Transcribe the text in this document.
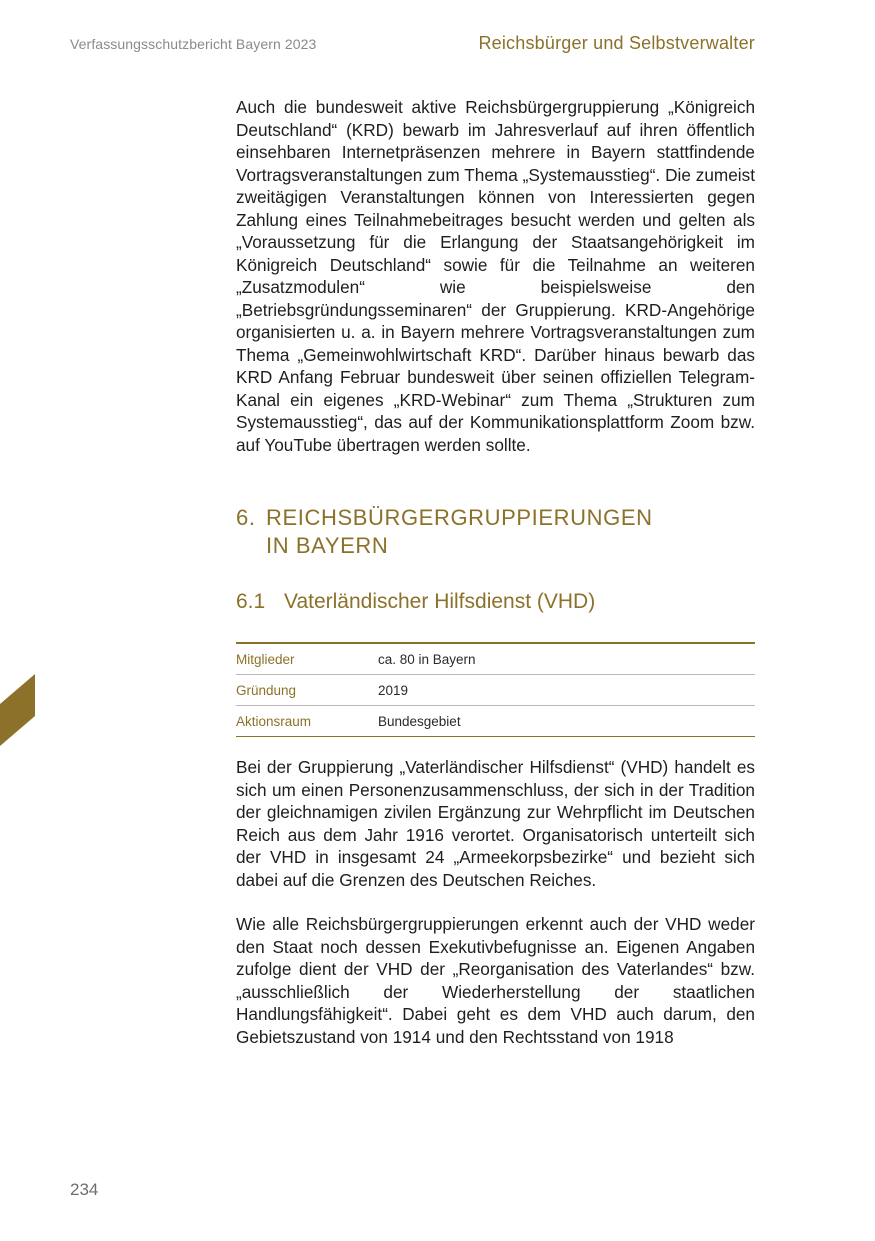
Verfassungsschutzbericht Bayern 2023	Reichsbürger und Selbstverwalter

Auch die bundesweit aktive Reichsbürgergruppierung „Königreich Deutschland“ (KRD) bewarb im Jahresverlauf auf ihren öffentlich einsehbaren Internetpräsenzen mehrere in Bayern stattfindende Vortragsveranstaltungen zum Thema „Systemausstieg“. Die zumeist zweitägigen Veranstaltungen können von Interessierten gegen Zahlung eines Teilnahmebeitrages besucht werden und gelten als „Voraussetzung für die Erlangung der Staatsangehörigkeit im Königreich Deutschland“ sowie für die Teilnahme an weiteren „Zusatzmodulen“ wie beispielsweise den „Betriebsgründungsseminaren“ der Gruppierung. KRD-Angehörige organisierten u. a. in Bayern mehrere Vortragsveranstaltungen zum Thema „Gemeinwohlwirtschaft KRD“. Darüber hinaus bewarb das KRD Anfang Februar bundesweit über seinen offiziellen Telegram-Kanal ein eigenes „KRD-Webinar“ zum Thema „Strukturen zum Systemausstieg“, das auf der Kommunikationsplattform Zoom bzw. auf YouTube übertragen werden sollte.

6. REICHSBÜRGERGRUPPIERUNGEN
IN BAYERN
6.1 Vaterländischer Hilfsdienst (VHD)
Mitglieder	ca. 80 in Bayern
Gründung	2019
Aktionsraum	Bundesgebiet

Bei der Gruppierung „Vaterländischer Hilfsdienst“ (VHD) handelt es sich um einen Personenzusammenschluss, der sich in der Tradition der gleichnamigen zivilen Ergänzung zur Wehrpflicht im Deutschen Reich aus dem Jahr 1916 verortet. Organisatorisch unterteilt sich der VHD in insgesamt 24 „Armeekorpsbezirke“ und bezieht sich dabei auf die Grenzen des Deutschen Reiches.

Wie alle Reichsbürgergruppierungen erkennt auch der VHD weder den Staat noch dessen Exekutivbefugnisse an. Eigenen Angaben zufolge dient der VHD der „Reorganisation des Vaterlandes“ bzw. „ausschließlich der Wiederherstellung der staatlichen Handlungsfähigkeit“. Dabei geht es dem VHD auch darum, den Gebietszustand von 1914 und den Rechtsstand von 1918

234
